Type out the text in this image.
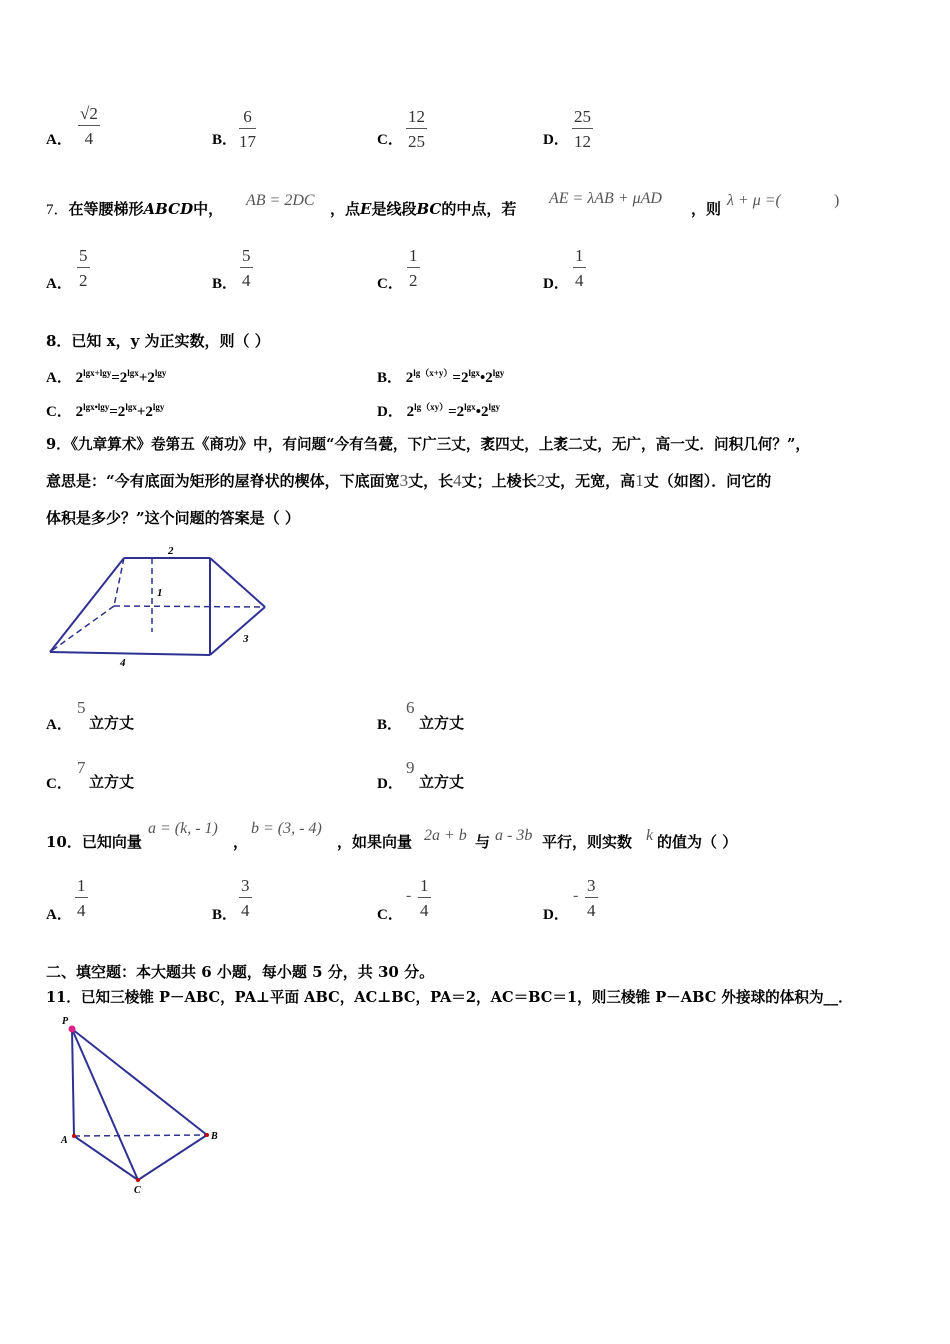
A．
√2
4	B．
6
17	C．
12
25	D．
25
12
7．在等腰梯形ABCD中， AB = 2DC ，点E是线段BC的中点，若
AE = λAB + μAD
，则 λ + μ =(	)
A．
5
2	B．
5
4	C．
1
2	D．
1
4
8．已知 x，y 为正实数，则（ ）
A． $2^{lgx+lgy}=2^{lgx}+2^{lgy}$	B． $2^{lg(x+y)}=2^{lgx}•2^{lgy}$
C． $2^{lgx•lgy}=2^{lgx}+2^{lgy}$	D． $2^{lg(xy)}=2^{lgx}•2^{lgy}$
9．《九章算术》卷第五《商功》中，有问题“今有刍甍，下广三丈，袤四丈，上袤二丈，无广，高一丈．问积几何？”，
意思是：“今有底面为矩形的屋脊状的楔体，下底面宽3丈，长4丈；上棱长2丈，无宽，高1丈（如图）．问它的
体积是多少？”这个问题的答案是（ ）
2
1
3
4
A．
5
立方丈	B．
6
立方丈
C．
7
立方丈	D．
9
立方丈
10．已知向量
a = (k, - 1)
，
b = (3, - 4)
，如果向量 2a + b 与 a - 3b 平行，则实数 k 的值为（ ）
A．
1
4	B．
3
4	C．
-
1
4	D．
-
3
4
二、填空题：本大题共 6 小题，每小题 5 分，共 30 分。
11．已知三棱锥 P－ABC，PA⊥平面 ABC，AC⊥BC，PA＝2，AC＝BC＝1，则三棱锥 P－ABC 外接球的体积为__．
P
A	B
C
